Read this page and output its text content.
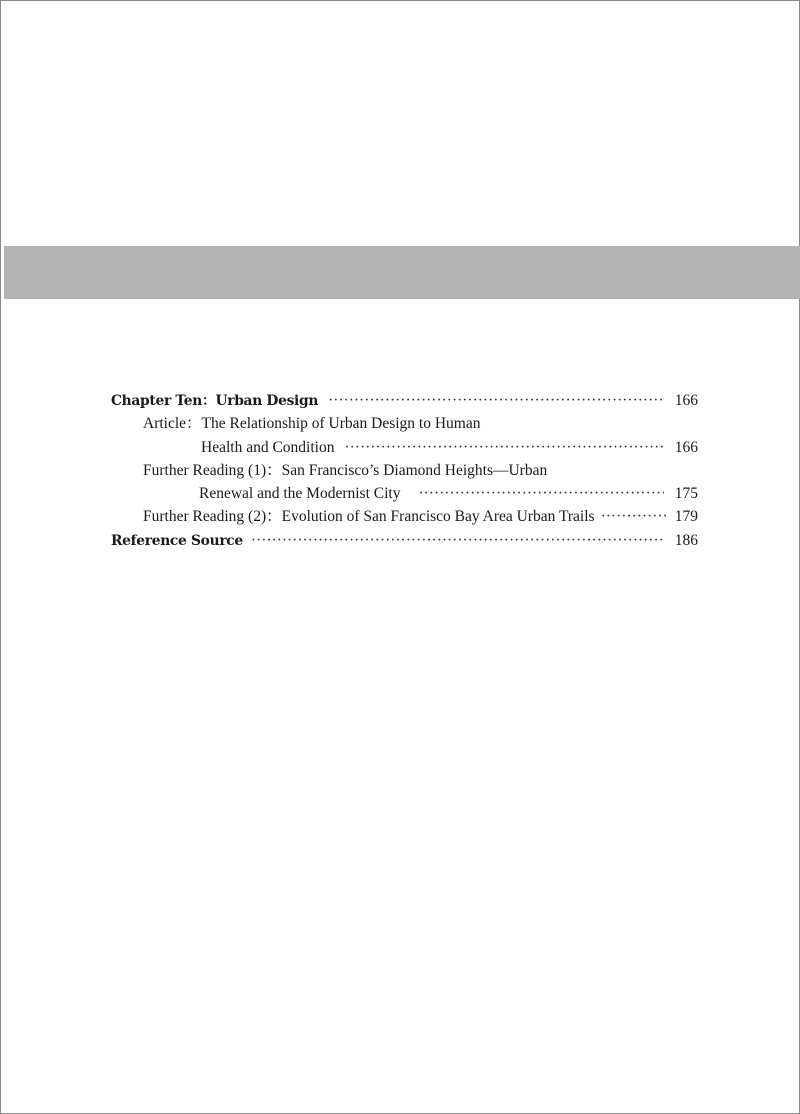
Chapter Ten：Urban Design ·····	166
Article：The Relationship of Urban Design to Human
Health and Condition ·····	166
Further Reading (1)：San Francisco’s Diamond Heights—Urban
Renewal and the Modernist City ·····	175
Further Reading (2)：Evolution of San Francisco Bay Area Urban Trails ·····	179
Reference Source ·····	186
